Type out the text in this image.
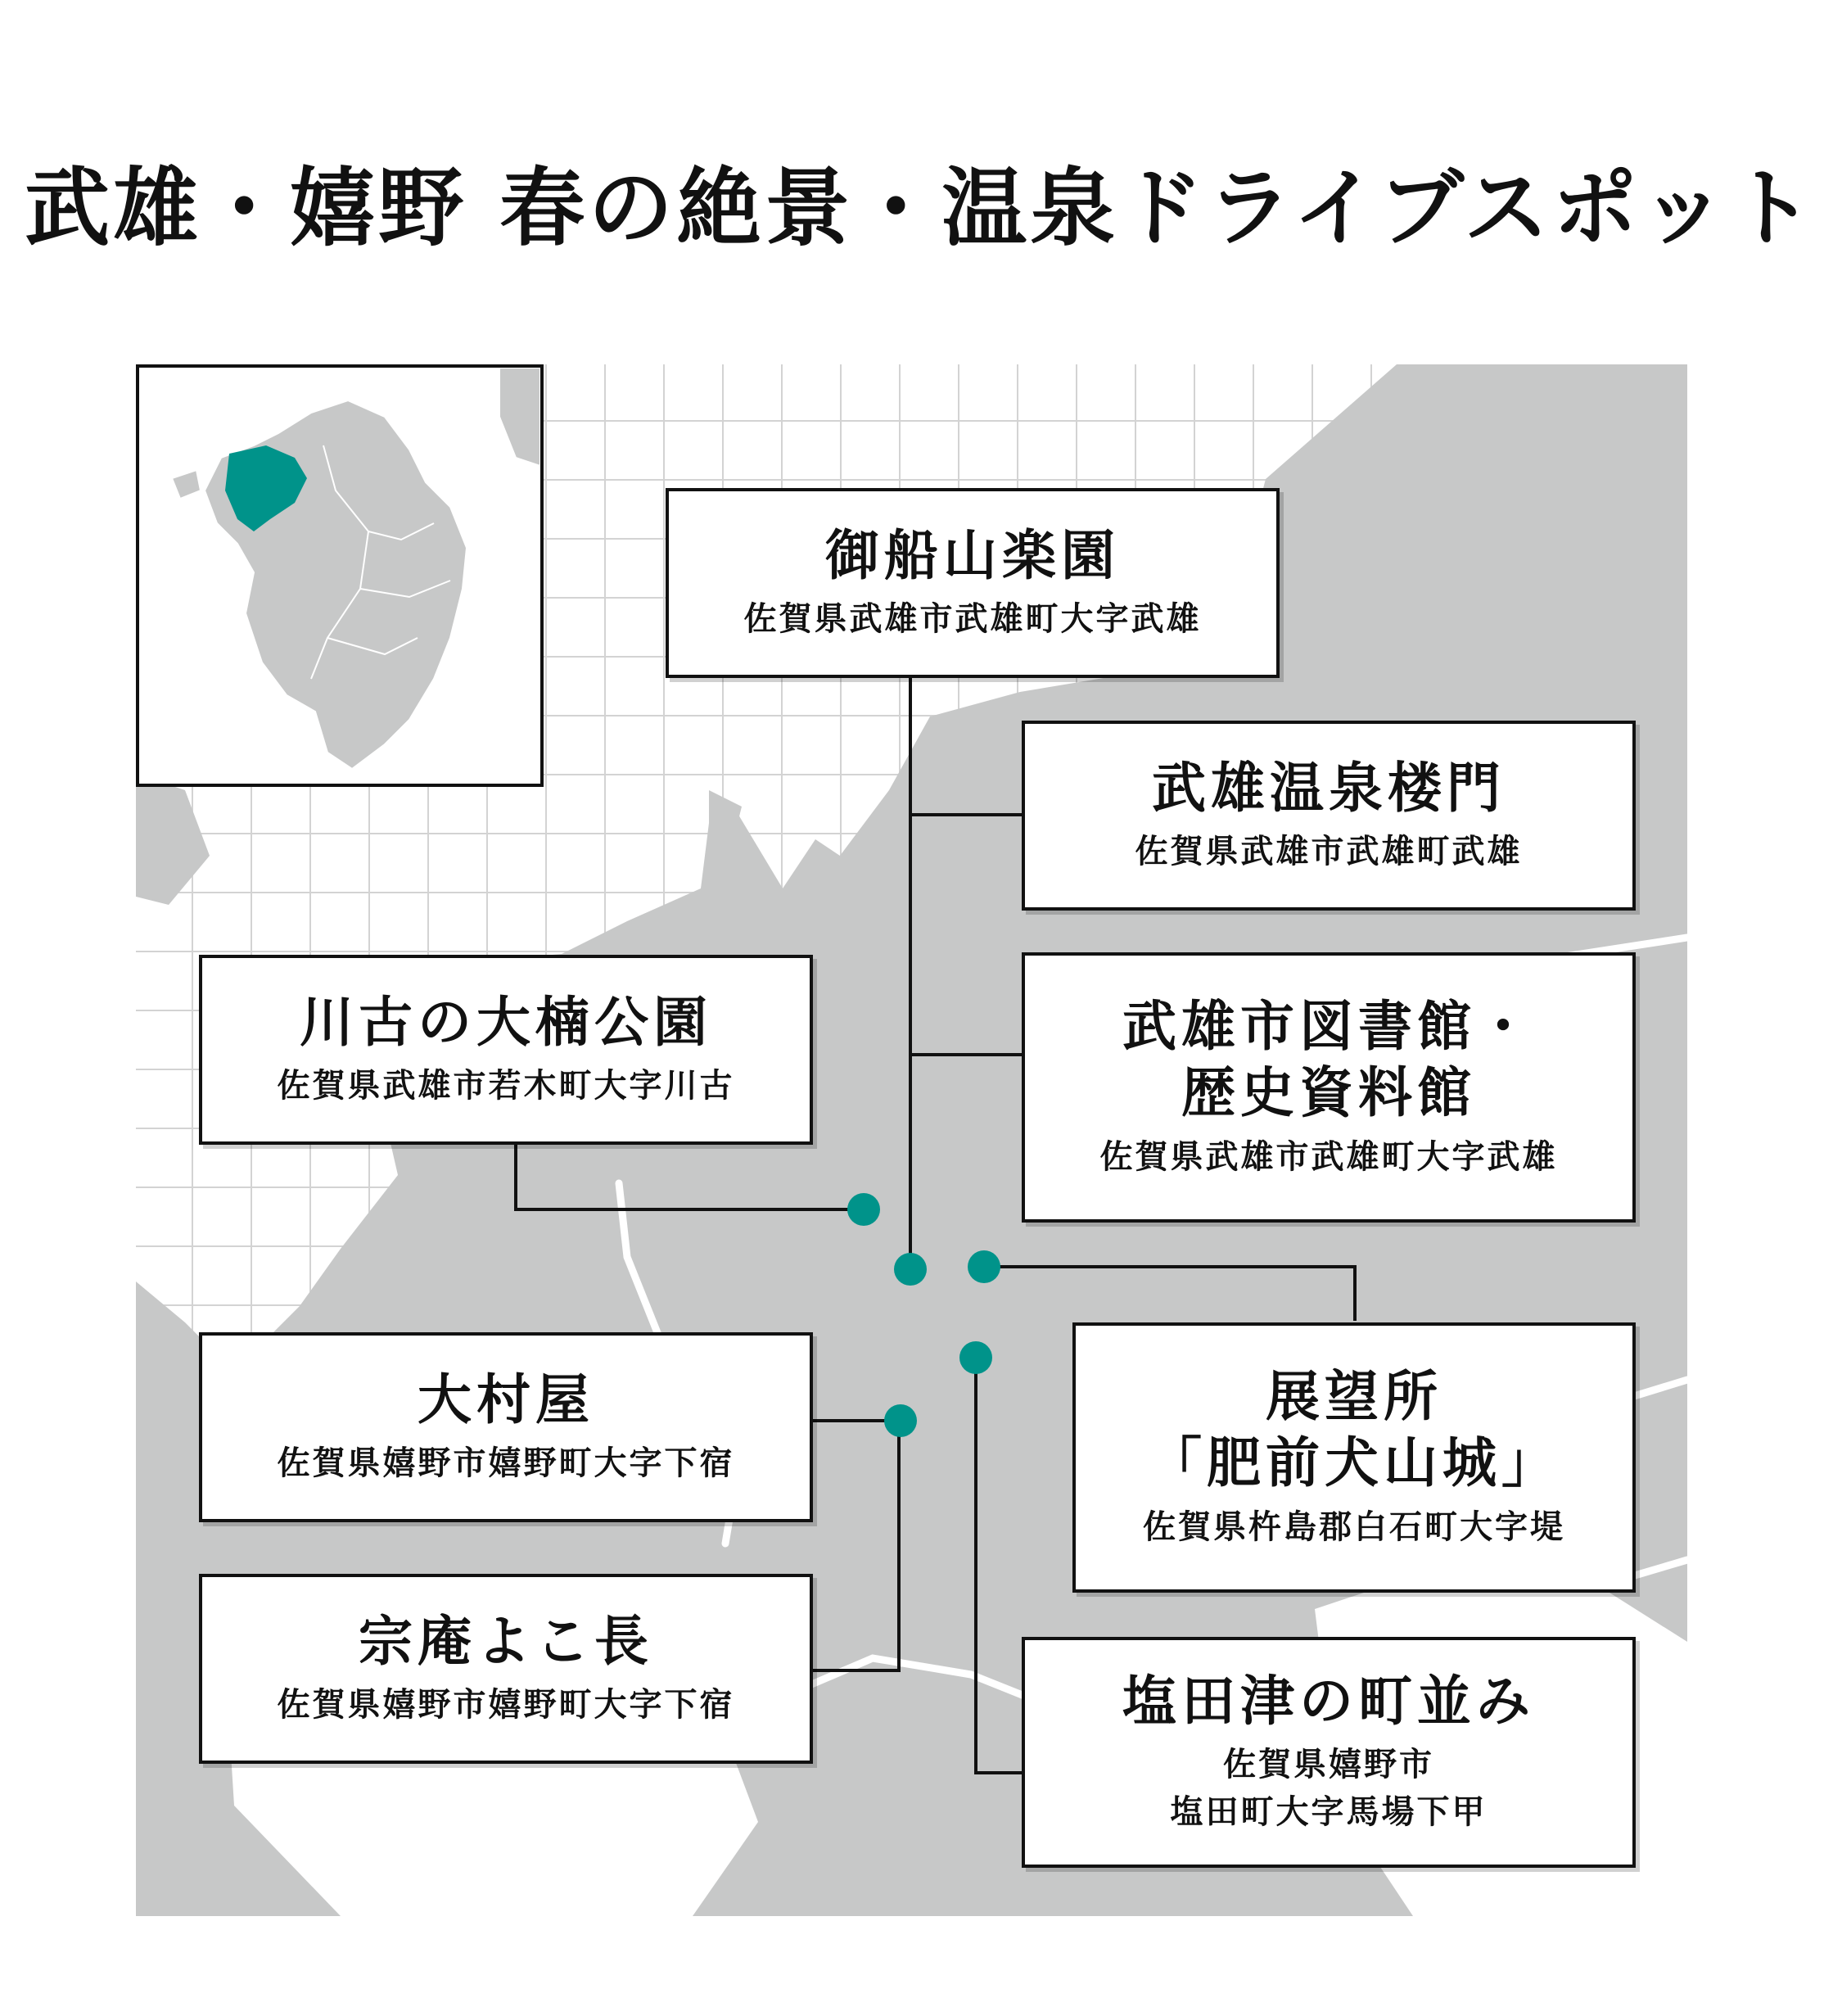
武雄・嬉野 春の絶景・温泉ドライブスポット
御船山楽園
佐賀県武雄市武雄町大字武雄
武雄温泉楼門
佐賀県武雄市武雄町武雄
川古の大楠公園
佐賀県武雄市若木町大字川古
武雄市図書館・
歴史資料館
佐賀県武雄市武雄町大字武雄
大村屋
佐賀県嬉野市嬉野町大字下宿
展望所
「肥前犬山城」
佐賀県杵島郡白石町大字堤
宗庵よこ長
佐賀県嬉野市嬉野町大字下宿	塩田津の町並み
佐賀県嬉野市
塩田町大字馬場下甲
